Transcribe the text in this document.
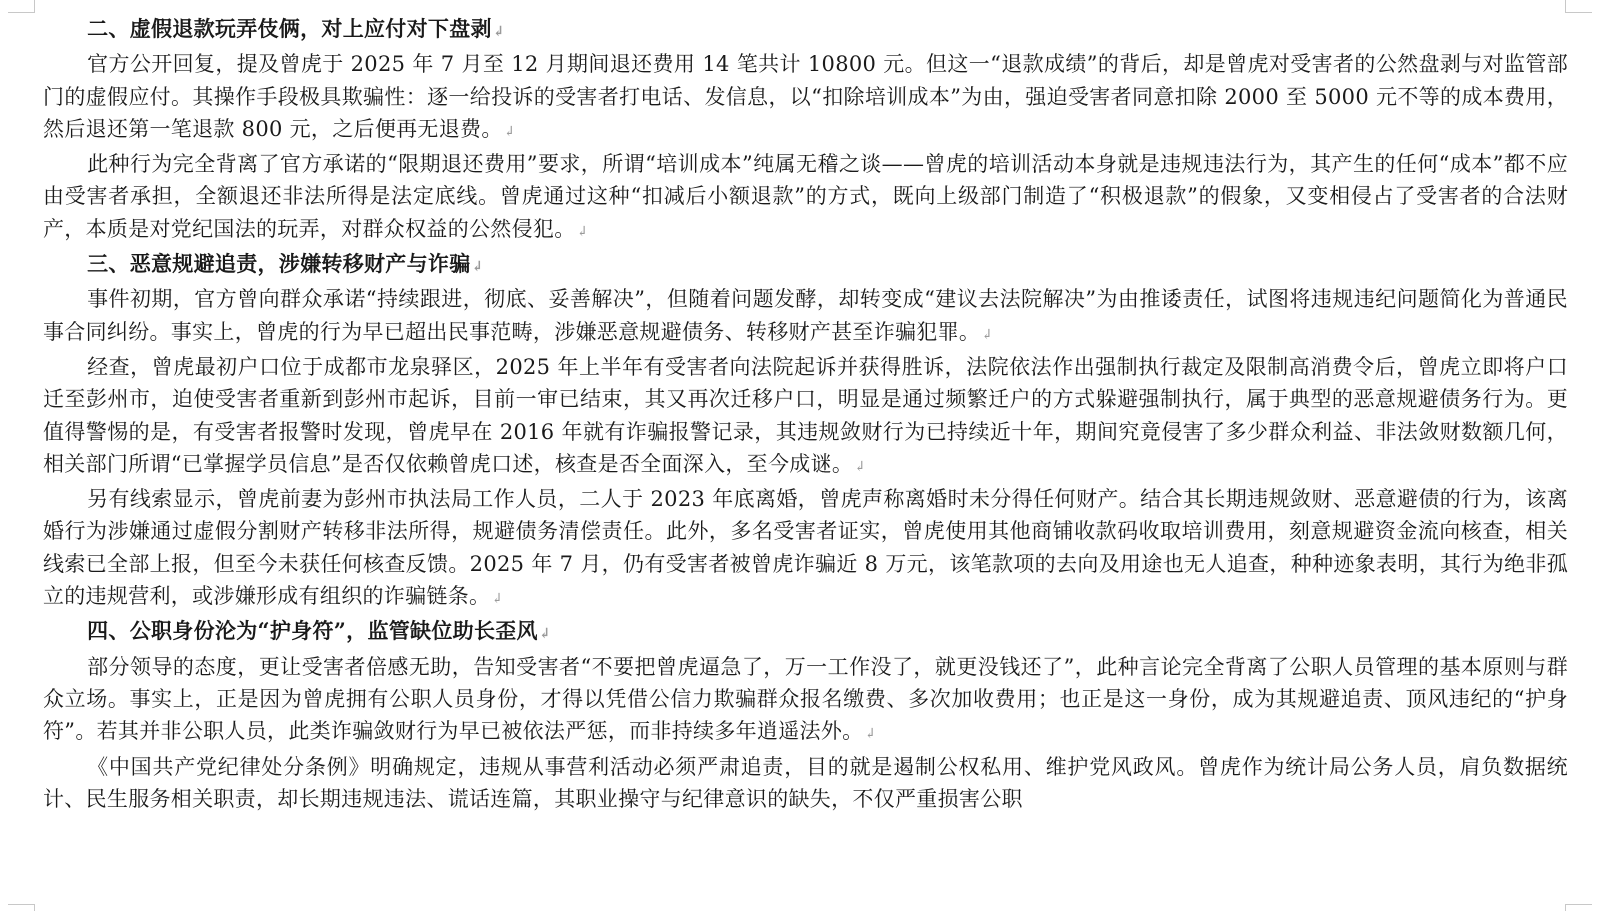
二、虚假退款玩弄伎俩，对上应付对下盘剥↲

官方公开回复，提及曾虎于 2025 年 7 月至 12 月期间退还费用 14 笔共计 10800 元。但这一“退款成绩”的背后，却是曾虎对受害者的公然盘剥与对监管部门的虚假应付。其操作手段极具欺骗性：逐一给投诉的受害者打电话、发信息，以“扣除培训成本”为由，强迫受害者同意扣除 2000 至 5000 元不等的成本费用，然后退还第一笔退款 800 元，之后便再无退费。↲

此种行为完全背离了官方承诺的“限期退还费用”要求，所谓“培训成本”纯属无稽之谈——曾虎的培训活动本身就是违规违法行为，其产生的任何“成本”都不应由受害者承担，全额退还非法所得是法定底线。曾虎通过这种“扣减后小额退款”的方式，既向上级部门制造了“积极退款”的假象，又变相侵占了受害者的合法财产，本质是对党纪国法的玩弄，对群众权益的公然侵犯。↲

三、恶意规避追责，涉嫌转移财产与诈骗↲

事件初期，官方曾向群众承诺“持续跟进，彻底、妥善解决”，但随着问题发酵，却转变成“建议去法院解决”为由推诿责任，试图将违规违纪问题简化为普通民事合同纠纷。事实上，曾虎的行为早已超出民事范畴，涉嫌恶意规避债务、转移财产甚至诈骗犯罪。↲

经查，曾虎最初户口位于成都市龙泉驿区，2025 年上半年有受害者向法院起诉并获得胜诉，法院依法作出强制执行裁定及限制高消费令后，曾虎立即将户口迁至彭州市，迫使受害者重新到彭州市起诉，目前一审已结束，其又再次迁移户口，明显是通过频繁迁户的方式躲避强制执行，属于典型的恶意规避债务行为。更值得警惕的是，有受害者报警时发现，曾虎早在 2016 年就有诈骗报警记录，其违规敛财行为已持续近十年，期间究竟侵害了多少群众利益、非法敛财数额几何，相关部门所谓“已掌握学员信息”是否仅依赖曾虎口述，核查是否全面深入，至今成谜。↲

另有线索显示，曾虎前妻为彭州市执法局工作人员，二人于 2023 年底离婚，曾虎声称离婚时未分得任何财产。结合其长期违规敛财、恶意避债的行为，该离婚行为涉嫌通过虚假分割财产转移非法所得，规避债务清偿责任。此外，多名受害者证实，曾虎使用其他商铺收款码收取培训费用，刻意规避资金流向核查，相关线索已全部上报，但至今未获任何核查反馈。2025 年 7 月，仍有受害者被曾虎诈骗近 8 万元，该笔款项的去向及用途也无人追查，种种迹象表明，其行为绝非孤立的违规营利，或涉嫌形成有组织的诈骗链条。↲

四、公职身份沦为“护身符”，监管缺位助长歪风↲

部分领导的态度，更让受害者倍感无助，告知受害者“不要把曾虎逼急了，万一工作没了，就更没钱还了”，此种言论完全背离了公职人员管理的基本原则与群众立场。事实上，正是因为曾虎拥有公职人员身份，才得以凭借公信力欺骗群众报名缴费、多次加收费用；也正是这一身份，成为其规避追责、顶风违纪的“护身符”。若其并非公职人员，此类诈骗敛财行为早已被依法严惩，而非持续多年逍遥法外。↲

《中国共产党纪律处分条例》明确规定，违规从事营利活动必须严肃追责，目的就是遏制公权私用、维护党风政风。曾虎作为统计局公务人员，肩负数据统计、民生服务相关职责，却长期违规违法、谎话连篇，其职业操守与纪律意识的缺失，不仅严重损害公职
